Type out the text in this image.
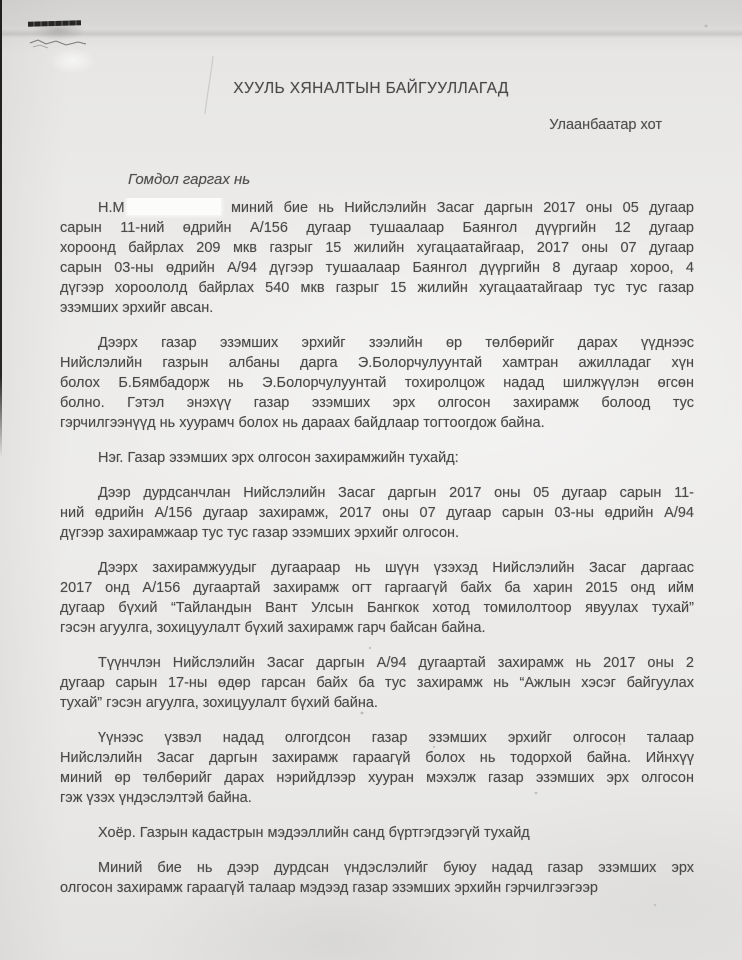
ХУУЛЬ ХЯНАЛТЫН БАЙГУУЛЛАГАД
Улаанбаатар хот
Гомдол гаргах нь
Н.М	миний бие нь Нийслэлийн Засаг даргын 2017 оны 05 дугаар
сарын 11-ний өдрийн А/156 дугаар тушаалаар Баянгол дүүргийн 12 дугаар
хороонд байрлах 209 мкв газрыг 15 жилийн хугацаатайгаар, 2017 оны 07 дугаар
сарын 03-ны өдрийн А/94 дүгээр тушаалаар Баянгол дүүргийн 8 дугаар хороо, 4
дүгээр хороололд байрлах 540 мкв газрыг 15 жилийн хугацаатайгаар тус тус газар
эзэмших эрхийг авсан.
Дээрх газар эзэмших эрхийг зээлийн өр төлбөрийг дарах үүднээс
Нийслэлийн газрын албаны дарга Э.Болорчулуунтай хамтран ажилладаг хүн
болох Б.Бямбадорж нь Э.Болорчулуунтай тохиролцож надад шилжүүлэн өгсөн
болно. Гэтэл энэхүү газар эзэмших эрх олгосон захирамж болоод тус
гэрчилгээнүүд нь хуурамч болох нь дараах байдлаар тогтоогдож байна.
Нэг. Газар эзэмших эрх олгосон захирамжийн тухайд:
Дээр дурдсанчлан Нийслэлийн Засаг даргын 2017 оны 05 дугаар сарын 11-
ний өдрийн А/156 дугаар захирамж, 2017 оны 07 дугаар сарын 03-ны өдрийн А/94
дүгээр захирамжаар тус тус газар эзэмших эрхийг олгосон.
Дээрх захирамжуудыг дугаараар нь шүүн үзэхэд Нийслэлийн Засаг даргаас
2017 онд А/156 дугаартай захирамж огт гаргаагүй байх ба харин 2015 онд ийм
дугаар бүхий “Тайландын Вант Улсын Бангкок хотод томилолтоор явуулах тухай”
гэсэн агуулга, зохицуулалт бүхий захирамж гарч байсан байна.
Түүнчлэн Нийслэлийн Засаг даргын А/94 дугаартай захирамж нь 2017 оны 2
дугаар сарын 17-ны өдөр гарсан байх ба тус захирамж нь “Ажлын хэсэг байгуулах
тухай” гэсэн агуулга, зохицуулалт бүхий байна.
Үүнээс үзвэл надад олгогдсон газар эзэмших эрхийг олгосон талаар
Нийслэлийн Засаг даргын захирамж гараагүй болох нь тодорхой байна. Ийнхүү
миний өр төлбөрийг дарах нэрийдлээр хууран мэхэлж газар эзэмших эрх олгосон
гэж үзэх үндэслэлтэй байна.
Хоёр. Газрын кадастрын мэдээллийн санд бүртгэгдээгүй тухайд
Миний бие нь дээр дурдсан үндэслэлийг буюу надад газар эзэмших эрх
олгосон захирамж гараагүй талаар мэдээд газар эзэмших эрхийн гэрчилгээгээр
